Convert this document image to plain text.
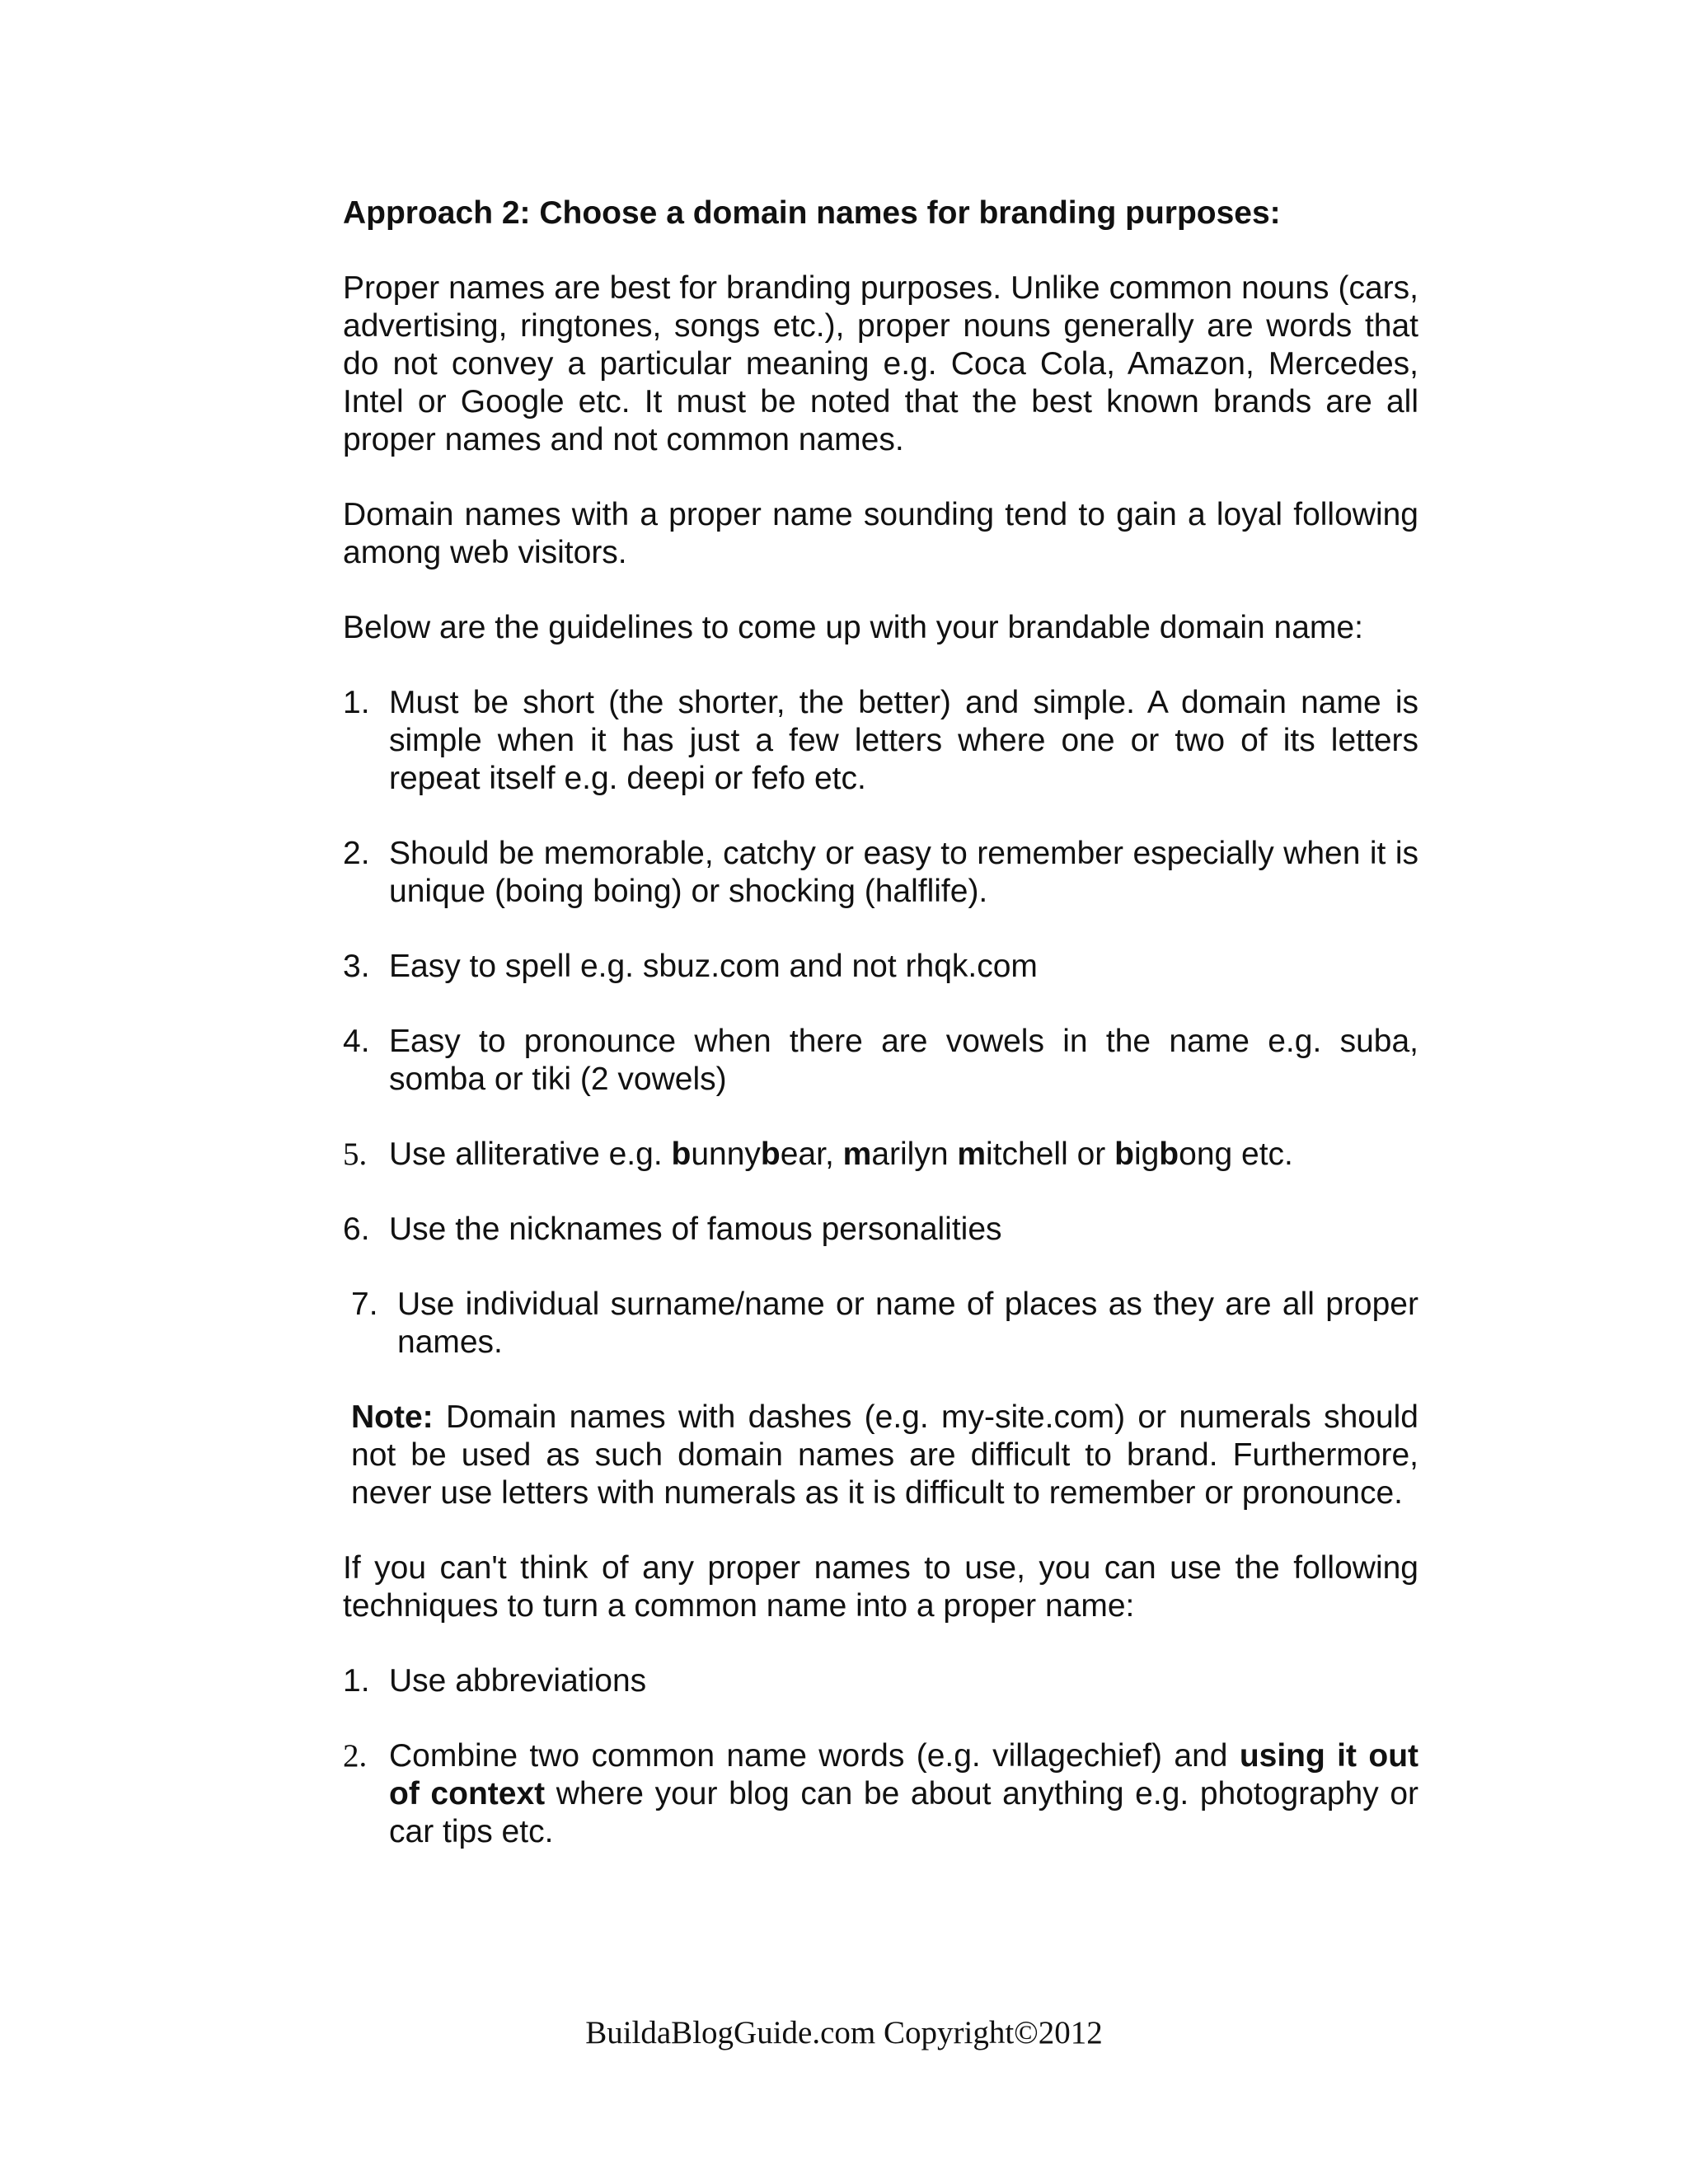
Approach 2: Choose a domain names for branding purposes:
Proper names are best for branding purposes. Unlike common nouns (cars, advertising, ringtones, songs etc.), proper nouns generally are words that do not convey a particular meaning e.g. Coca Cola, Amazon, Mercedes, Intel or Google etc. It must be noted that the best known brands are all proper names and not common names.
Domain names with a proper name sounding tend to gain a loyal following among web visitors.
Below are the guidelines to come up with your brandable domain name:
1. Must be short (the shorter, the better) and simple. A domain name is simple when it has just a few letters where one or two of its letters repeat itself e.g. deepi or fefo etc.
2. Should be memorable, catchy or easy to remember especially when it is unique (boing boing) or shocking (halflife).
3. Easy to spell e.g. sbuz.com and not rhqk.com
4. Easy to pronounce when there are vowels in the name e.g. suba, somba or tiki (2 vowels)
5. Use alliterative e.g. bunnybear, marilyn mitchell or bigbong etc.
6. Use the nicknames of famous personalities
7. Use individual surname/name or name of places as they are all proper names.
Note: Domain names with dashes (e.g. my-site.com) or numerals should not be used as such domain names are difficult to brand. Furthermore, never use letters with numerals as it is difficult to remember or pronounce.
If you can't think of any proper names to use, you can use the following techniques to turn a common name into a proper name:
1. Use abbreviations
2. Combine two common name words (e.g. villagechief) and using it out of context where your blog can be about anything e.g. photography or car tips etc.
BuildaBlogGuide.com Copyright©2012
